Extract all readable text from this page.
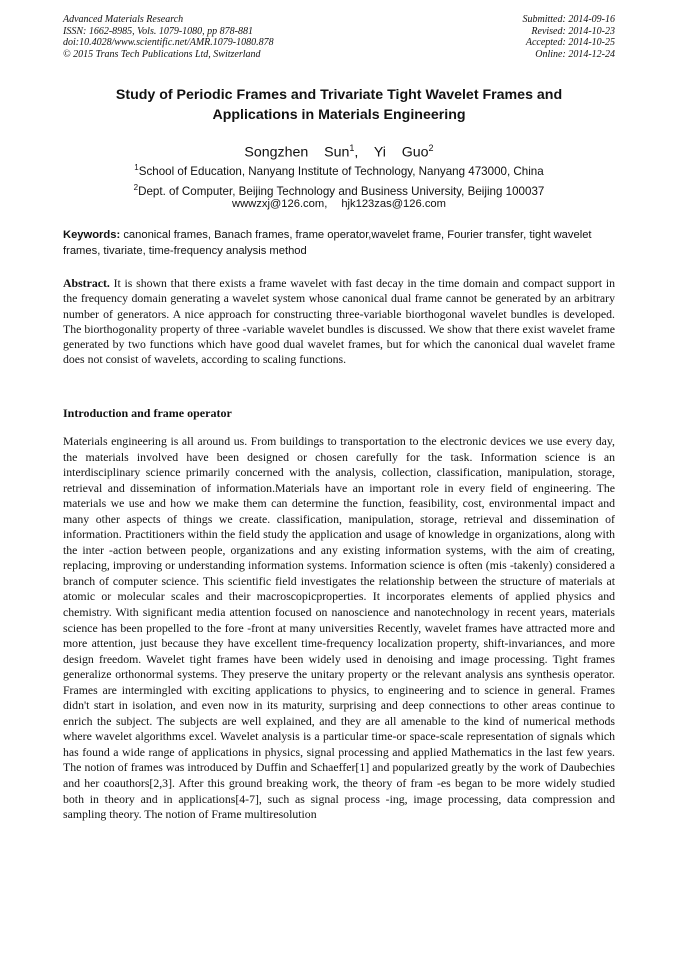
Advanced Materials Research
ISSN: 1662-8985, Vols. 1079-1080, pp 878-881
doi:10.4028/www.scientific.net/AMR.1079-1080.878
© 2015 Trans Tech Publications Ltd, Switzerland
Submitted: 2014-09-16
Revised: 2014-10-23
Accepted: 2014-10-25
Online: 2014-12-24
Study of Periodic Frames and Trivariate Tight Wavelet Frames and
Applications in Materials Engineering
Songzhen Sun$^1$, Yi Guo$^2$
$^1$School of Education, Nanyang Institute of Technology, Nanyang 473000, China
$^2$Dept. of Computer, Beijing Technology and Business University, Beijing 100037
wwwzxj@126.com, hjk123zas@126.com
Keywords: canonical frames, Banach frames, frame operator,wavelet frame, Fourier transfer, tight wavelet frames, tivariate, time-frequency analysis method
Abstract. It is shown that there exists a frame wavelet with fast decay in the time domain and compact support in the frequency domain generating a wavelet system whose canonical dual frame cannot be generated by an arbitrary number of generators. A nice approach for constructing three-variable biorthogonal wavelet bundles is developed. The biorthogonality property of three -variable wavelet bundles is discussed. We show that there exist wavelet frame generated by two functions which have good dual wavelet frames, but for which the canonical dual wavelet frame does not consist of wavelets, according to scaling functions.
Introduction and frame operator
Materials engineering is all around us. From buildings to transportation to the electronic devices we use every day, the materials involved have been designed or chosen carefully for the task. Information science is an interdisciplinary science primarily concerned with the analysis, collection, classification, manipulation, storage, retrieval and dissemination of information.Materials have an important role in every field of engineering. The materials we use and how we make them can determine the function, feasibility, cost, environmental impact and many other aspects of things we create. classification, manipulation, storage, retrieval and dissemination of information. Practitioners within the field study the application and usage of knowledge in organizations, along with the inter -action between people, organizations and any existing information systems, with the aim of creating, replacing, improving or understanding information systems. Information science is often (mis -takenly) considered a branch of computer science. This scientific field investigates the relationship between the structure of materials at atomic or molecular scales and their macroscopicproperties. It incorporates elements of applied physics and chemistry. With significant media attention focused on nanoscience and nanotechnology in recent years, materials science has been propelled to the fore -front at many universities Recently, wavelet frames have attracted more and more attention, just because they have excellent time-frequency localization property, shift-invariances, and more design freedom. Wavelet tight frames have been widely used in denoising and image processing. Tight frames generalize orthonormal systems. They preserve the unitary property or the relevant analysis ans synthesis operator. Frames are intermingled with exciting applications to physics, to engineering and to science in general. Frames didn't start in isolation, and even now in its maturity, surprising and deep connections to other areas continue to enrich the subject. The subjects are well explained, and they are all amenable to the kind of numerical methods where wavelet algorithms excel. Wavelet analysis is a particular time-or space-scale representation of signals which has found a wide range of applications in physics, signal processing and applied Mathematics in the last few years. The notion of frames was introduced by Duffin and Schaeffer[1] and popularized greatly by the work of Daubechies and her coauthors[2,3]. After this ground breaking work, the theory of fram -es began to be more widely studied both in theory and in applications[4-7], such as signal process -ing, image processing, data compression and sampling theory. The notion of Frame multiresolution
